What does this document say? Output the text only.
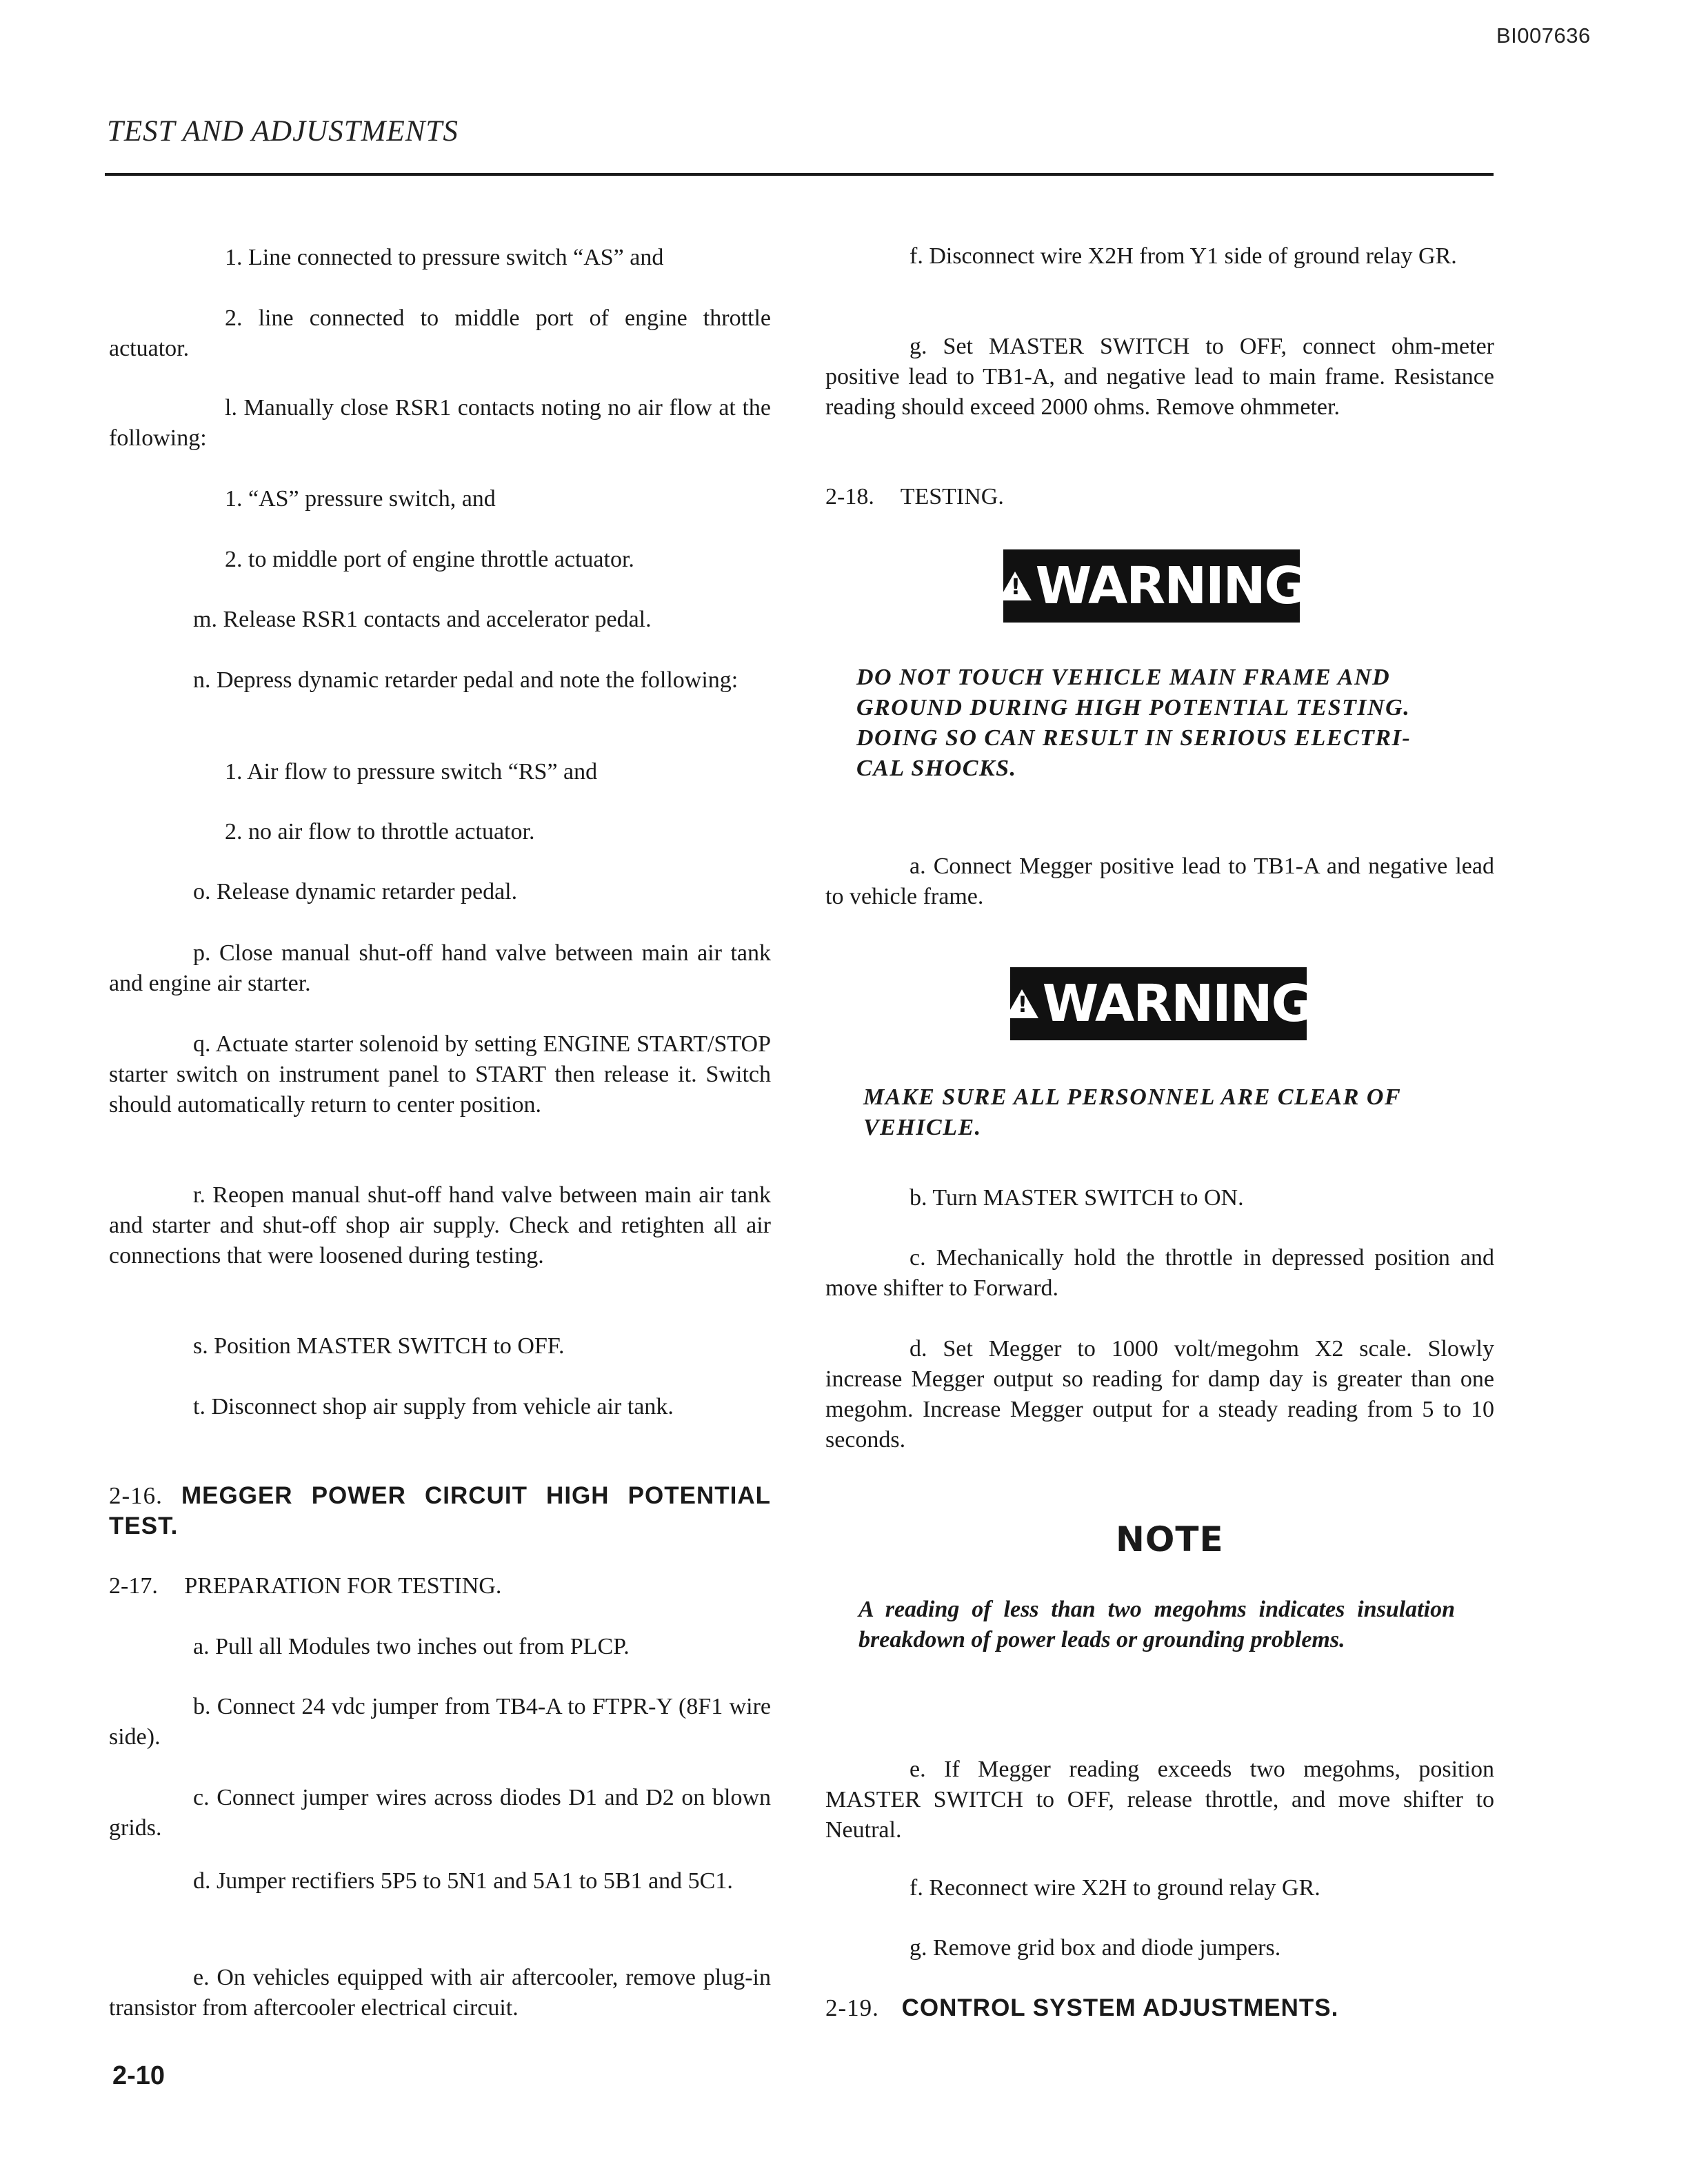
BI007636
TEST AND ADJUSTMENTS

1. Line connected to pressure switch “AS” and

2. line connected to middle port of engine throttle actuator.

l. Manually close RSR1 contacts noting no air flow at the following:

1. “AS” pressure switch, and

2. to middle port of engine throttle actuator.

m. Release RSR1 contacts and accelerator pedal.

n. Depress dynamic retarder pedal and note the following:

1. Air flow to pressure switch “RS” and

2. no air flow to throttle actuator.

o. Release dynamic retarder pedal.

p. Close manual shut-off hand valve between main air tank and engine air starter.

q. Actuate starter solenoid by setting ENGINE START/STOP starter switch on instrument panel to START then release it. Switch should automatically return to center position.

r. Reopen manual shut-off hand valve between main air tank and starter and shut-off shop air supply. Check and retighten all air connections that were loosened during testing.

s. Position MASTER SWITCH to OFF.

t. Disconnect shop air supply from vehicle air tank.

2-16. MEGGER POWER CIRCUIT HIGH POTENTIAL TEST.
2-17. PREPARATION FOR TESTING.

a. Pull all Modules two inches out from PLCP.

b. Connect 24 vdc jumper from TB4-A to FTPR-Y (8F1 wire side).

c. Connect jumper wires across diodes D1 and D2 on blown grids.

d. Jumper rectifiers 5P5 to 5N1 and 5A1 to 5B1 and 5C1.

e. On vehicles equipped with air aftercooler, remove plug-in transistor from aftercooler electrical circuit.

f. Disconnect wire X2H from Y1 side of ground relay GR.

g. Set MASTER SWITCH to OFF, connect ohm-meter positive lead to TB1-A, and negative lead to main frame. Resistance reading should exceed 2000 ohms. Remove ohmmeter.

2-18. TESTING.
!
WARNING

DO NOT TOUCH VEHICLE MAIN FRAME AND GROUND DURING HIGH POTENTIAL TESTING. DOING SO CAN RESULT IN SERIOUS ELECTRI-CAL SHOCKS.

a. Connect Megger positive lead to TB1-A and negative lead to vehicle frame.

!
WARNING

MAKE SURE ALL PERSONNEL ARE CLEAR OF VEHICLE.

b. Turn MASTER SWITCH to ON.

c. Mechanically hold the throttle in depressed position and move shifter to Forward.

d. Set Megger to 1000 volt/megohm X2 scale. Slowly increase Megger output so reading for damp day is greater than one megohm. Increase Megger output for a steady reading from 5 to 10 seconds.

NOTE

A reading of less than two megohms indicates insulation breakdown of power leads or grounding problems.

e. If Megger reading exceeds two megohms, position MASTER SWITCH to OFF, release throttle, and move shifter to Neutral.

f. Reconnect wire X2H to ground relay GR.

g. Remove grid box and diode jumpers.

2-19. CONTROL SYSTEM ADJUSTMENTS.
2-10
